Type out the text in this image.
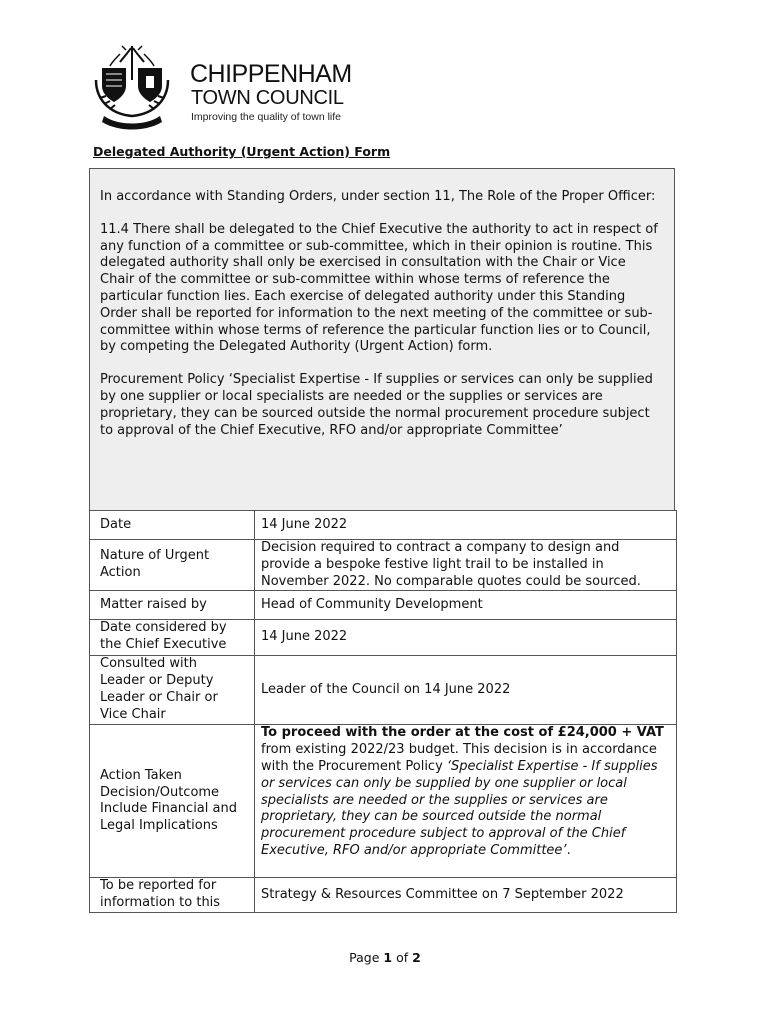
CHIPPENHAM
TOWN COUNCIL
Improving the quality of town life
Delegated Authority (Urgent Action) Form

In accordance with Standing Orders, under section 11, The Role of the Proper Officer:

11.4 There shall be delegated to the Chief Executive the authority to act in respect of any function of a committee or sub-committee, which in their opinion is routine. This delegated authority shall only be exercised in consultation with the Chair or Vice Chair of the committee or sub-committee within whose terms of reference the particular function lies. Each exercise of delegated authority under this Standing Order shall be reported for information to the next meeting of the committee or sub-committee within whose terms of reference the particular function lies or to Council, by competing the Delegated Authority (Urgent Action) form.

Procurement Policy ‘Specialist Expertise - If supplies or services can only be supplied by one supplier or local specialists are needed or the supplies or services are proprietary, they can be sourced outside the normal procurement procedure subject to approval of the Chief Executive, RFO and/or appropriate Committee’

Date	14 June 2022
Nature of Urgent Action	Decision required to contract a company to design and provide a bespoke festive light trail to be installed in November 2022. No comparable quotes could be sourced.
Matter raised by	Head of Community Development
Date considered by the Chief Executive	14 June 2022
Consulted with Leader or Deputy Leader or Chair or Vice Chair	Leader of the Council on 14 June 2022
Action Taken Decision/Outcome Include Financial and Legal Implications	To proceed with the order at the cost of £24,000 + VAT from existing 2022/23 budget. This decision is in accordance with the Procurement Policy ‘Specialist Expertise - If supplies or services can only be supplied by one supplier or local specialists are needed or the supplies or services are proprietary, they can be sourced outside the normal procurement procedure subject to approval of the Chief Executive, RFO and/or appropriate Committee’.
To be reported for information to this	Strategy & Resources Committee on 7 September 2022
Page 1 of 2
